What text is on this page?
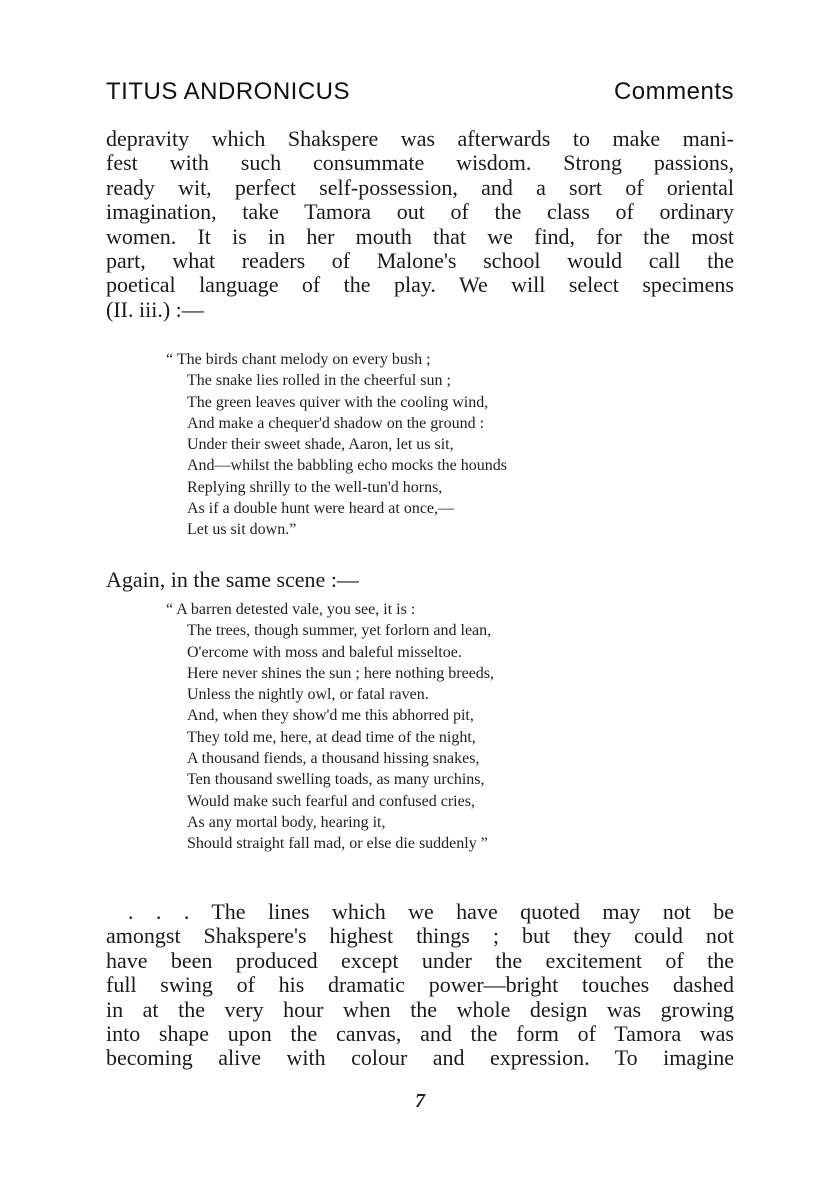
TITUS ANDRONICUS	Comments
depravity which Shakspere was afterwards to make mani-
fest with such consummate wisdom. Strong passions,
ready wit, perfect self-possession, and a sort of oriental
imagination, take Tamora out of the class of ordinary
women. It is in her mouth that we find, for the most
part, what readers of Malone's school would call the
poetical language of the play. We will select specimens
(II. iii.) :—
“ The birds chant melody on every bush ;
The snake lies rolled in the cheerful sun ;
The green leaves quiver with the cooling wind,
And make a chequer'd shadow on the ground :
Under their sweet shade, Aaron, let us sit,
And—whilst the babbling echo mocks the hounds
Replying shrilly to the well-tun'd horns,
As if a double hunt were heard at once,—
Let us sit down.”
Again, in the same scene :—
“ A barren detested vale, you see, it is :
The trees, though summer, yet forlorn and lean,
O'ercome with moss and baleful misseltoe.
Here never shines the sun ; here nothing breeds,
Unless the nightly owl, or fatal raven.
And, when they show'd me this abhorred pit,
They told me, here, at dead time of the night,
A thousand fiends, a thousand hissing snakes,
Ten thousand swelling toads, as many urchins,
Would make such fearful and confused cries,
As any mortal body, hearing it,
Should straight fall mad, or else die suddenly ”
. . . The lines which we have quoted may not be
amongst Shakspere's highest things ; but they could not
have been produced except under the excitement of the
full swing of his dramatic power—bright touches dashed
in at the very hour when the whole design was growing
into shape upon the canvas, and the form of Tamora was
becoming alive with colour and expression. To imagine
7
